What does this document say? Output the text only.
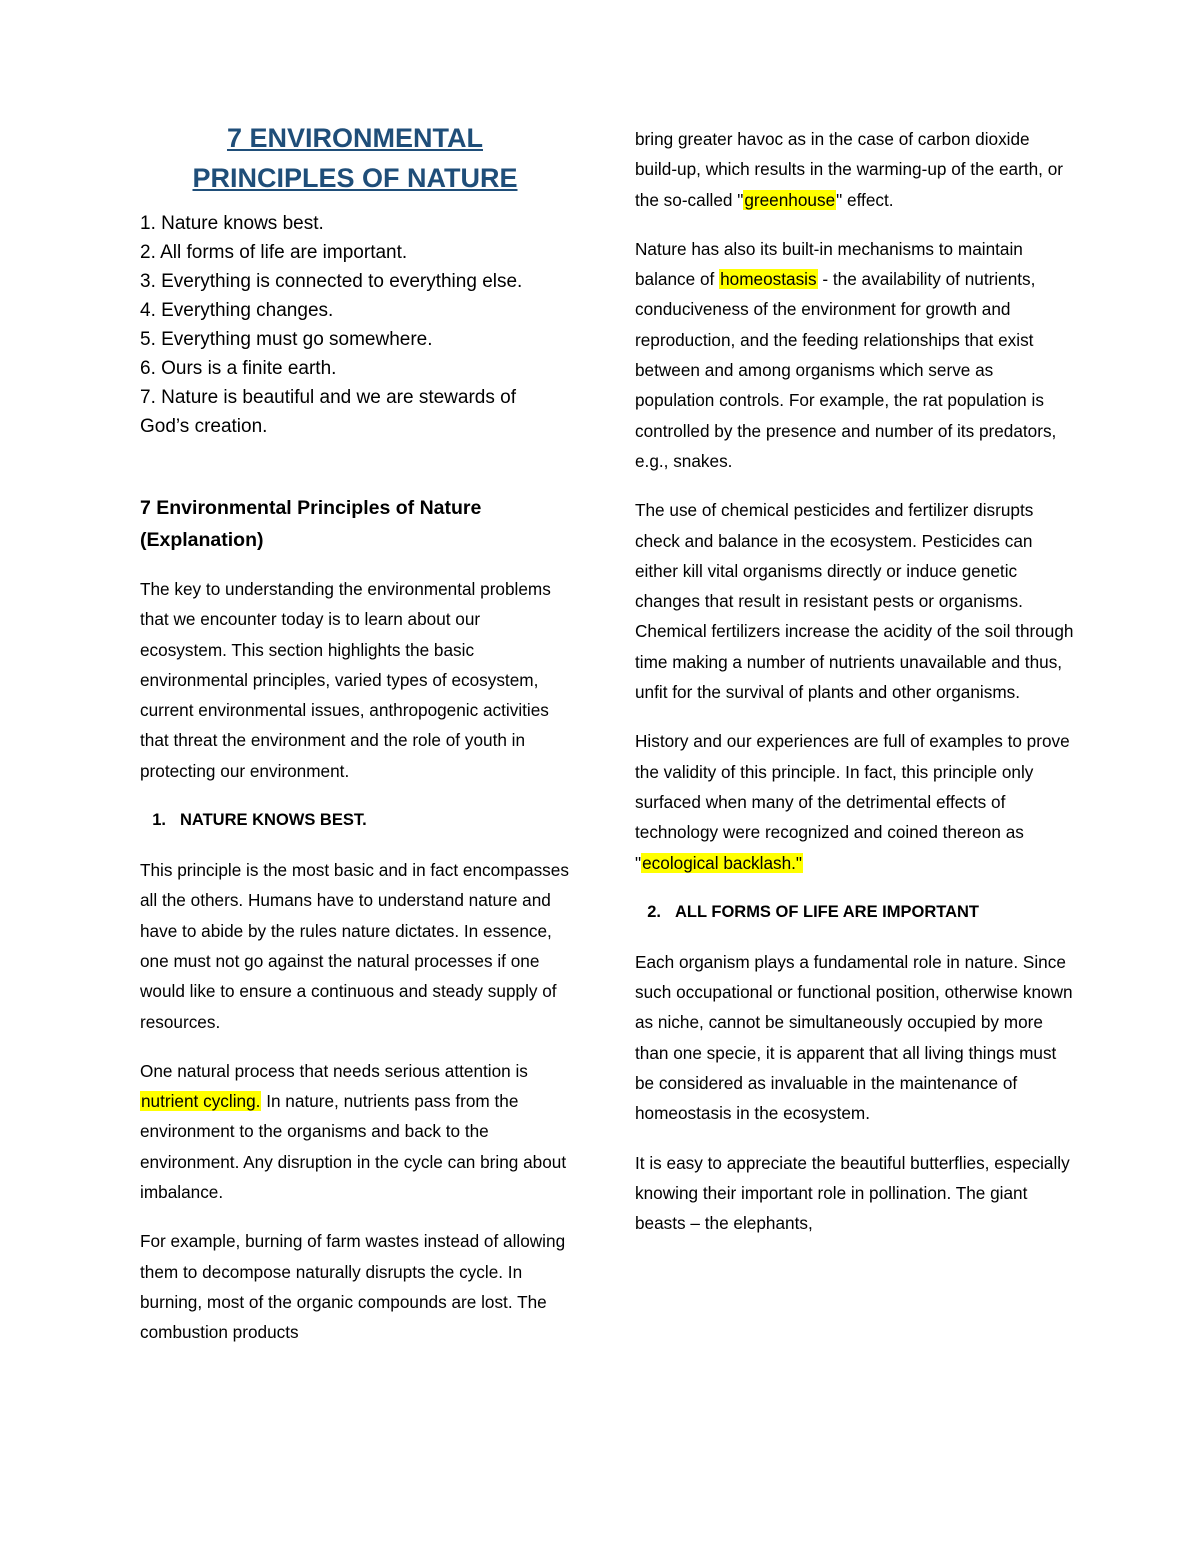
7 ENVIRONMENTAL
PRINCIPLES OF NATURE
1. Nature knows best.
2. All forms of life are important.
3. Everything is connected to everything else.
4. Everything changes.
5. Everything must go somewhere.
6. Ours is a finite earth.
7. Nature is beautiful and we are stewards of God’s creation.
7 Environmental Principles of Nature (Explanation)

The key to understanding the environmental problems that we encounter today is to learn about our ecosystem. This section highlights the basic environmental principles, varied types of ecosystem, current environmental issues, anthropogenic activities that threat the environment and the role of youth in protecting our environment.

1. NATURE KNOWS BEST.

This principle is the most basic and in fact encompasses all the others. Humans have to understand nature and have to abide by the rules nature dictates. In essence, one must not go against the natural processes if one would like to ensure a continuous and steady supply of resources.

One natural process that needs serious attention is nutrient cycling. In nature, nutrients pass from the environment to the organisms and back to the environment. Any disruption in the cycle can bring about imbalance.

For example, burning of farm wastes instead of allowing them to decompose naturally disrupts the cycle. In burning, most of the organic compounds are lost. The combustion products

bring greater havoc as in the case of carbon dioxide build-up, which results in the warming-up of the earth, or the so-called "greenhouse" effect.

Nature has also its built-in mechanisms to maintain balance of homeostasis - the availability of nutrients, conduciveness of the environment for growth and reproduction, and the feeding relationships that exist between and among organisms which serve as population controls. For example, the rat population is controlled by the presence and number of its predators, e.g., snakes.

The use of chemical pesticides and fertilizer disrupts check and balance in the ecosystem. Pesticides can either kill vital organisms directly or induce genetic changes that result in resistant pests or organisms. Chemical fertilizers increase the acidity of the soil through time making a number of nutrients unavailable and thus, unfit for the survival of plants and other organisms.

History and our experiences are full of examples to prove the validity of this principle. In fact, this principle only surfaced when many of the detrimental effects of technology were recognized and coined thereon as "ecological backlash."

2. ALL FORMS OF LIFE ARE IMPORTANT

Each organism plays a fundamental role in nature. Since such occupational or functional position, otherwise known as niche, cannot be simultaneously occupied by more than one specie, it is apparent that all living things must be considered as invaluable in the maintenance of homeostasis in the ecosystem.

It is easy to appreciate the beautiful butterflies, especially knowing their important role in pollination. The giant beasts – the elephants,
